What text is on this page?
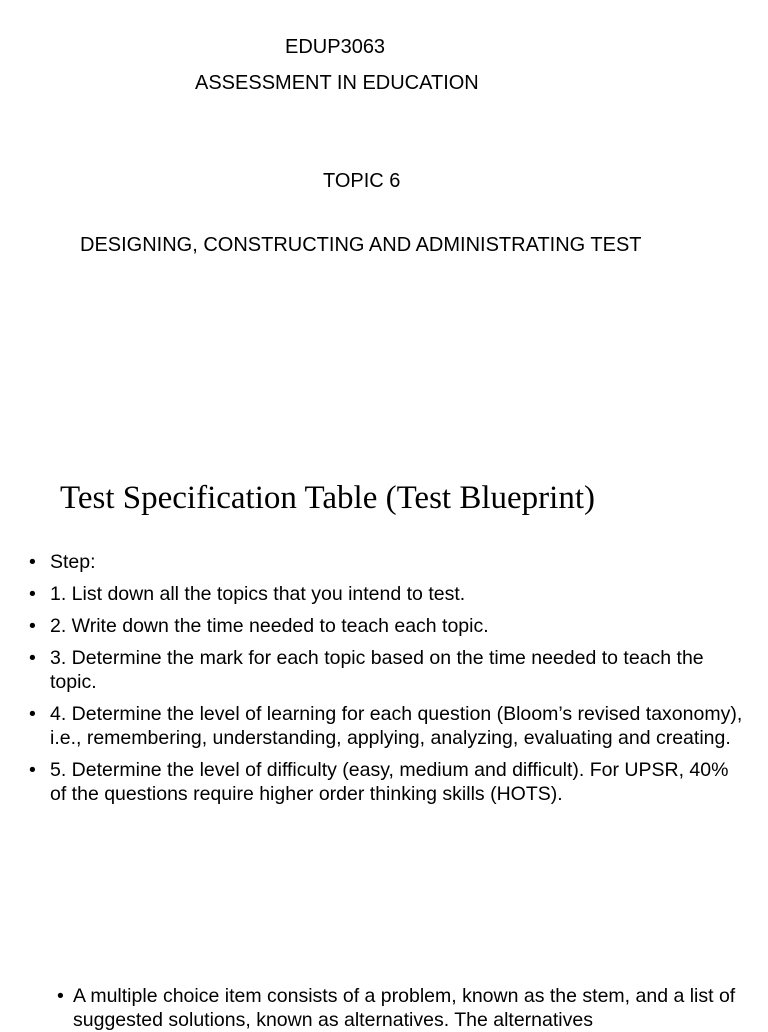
EDUP3063
ASSESSMENT IN EDUCATION
TOPIC 6
DESIGNING, CONSTRUCTING AND ADMINISTRATING TEST
Test Specification Table (Test Blueprint)
• Step:
• 1. List down all the topics that you intend to test.
• 2. Write down the time needed to teach each topic.
• 3. Determine the mark for each topic based on the time needed to teach the topic.
• 4. Determine the level of learning for each question (Bloom’s revised taxonomy), i.e., remembering, understanding, applying, analyzing, evaluating and creating.
• 5. Determine the level of difficulty (easy, medium and difficult). For UPSR, 40% of the questions require higher order thinking skills (HOTS).
• A multiple choice item consists of a problem, known as the stem, and a list of suggested solutions, known as alternatives. The alternatives
